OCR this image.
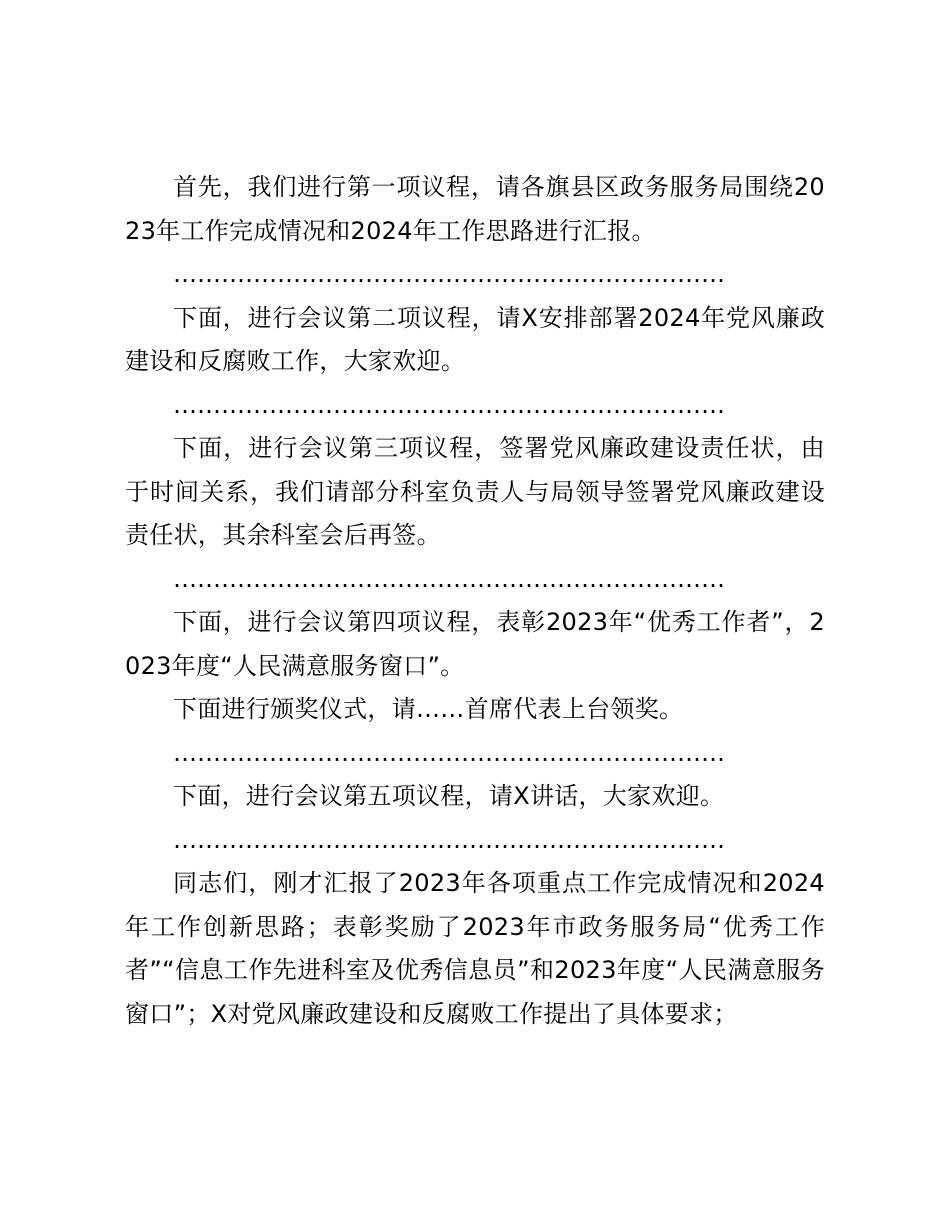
首先，我们进行第一项议程，请各旗县区政务服务局围绕2023年工作完成情况和2024年工作思路进行汇报。

……………………………………………………………

下面，进行会议第二项议程，请X安排部署2024年党风廉政建设和反腐败工作，大家欢迎。

……………………………………………………………

下面，进行会议第三项议程，签署党风廉政建设责任状，由于时间关系，我们请部分科室负责人与局领导签署党风廉政建设责任状，其余科室会后再签。

……………………………………………………………

下面，进行会议第四项议程，表彰2023年“优秀工作者”，2023年度“人民满意服务窗口”。

下面进行颁奖仪式，请……首席代表上台领奖。

……………………………………………………………

下面，进行会议第五项议程，请X讲话，大家欢迎。

……………………………………………………………

同志们，刚才汇报了2023年各项重点工作完成情况和2024年工作创新思路；表彰奖励了2023年市政务服务局“优秀工作者”“信息工作先进科室及优秀信息员”和2023年度“人民满意服务窗口”；X对党风廉政建设和反腐败工作提出了具体要求；
